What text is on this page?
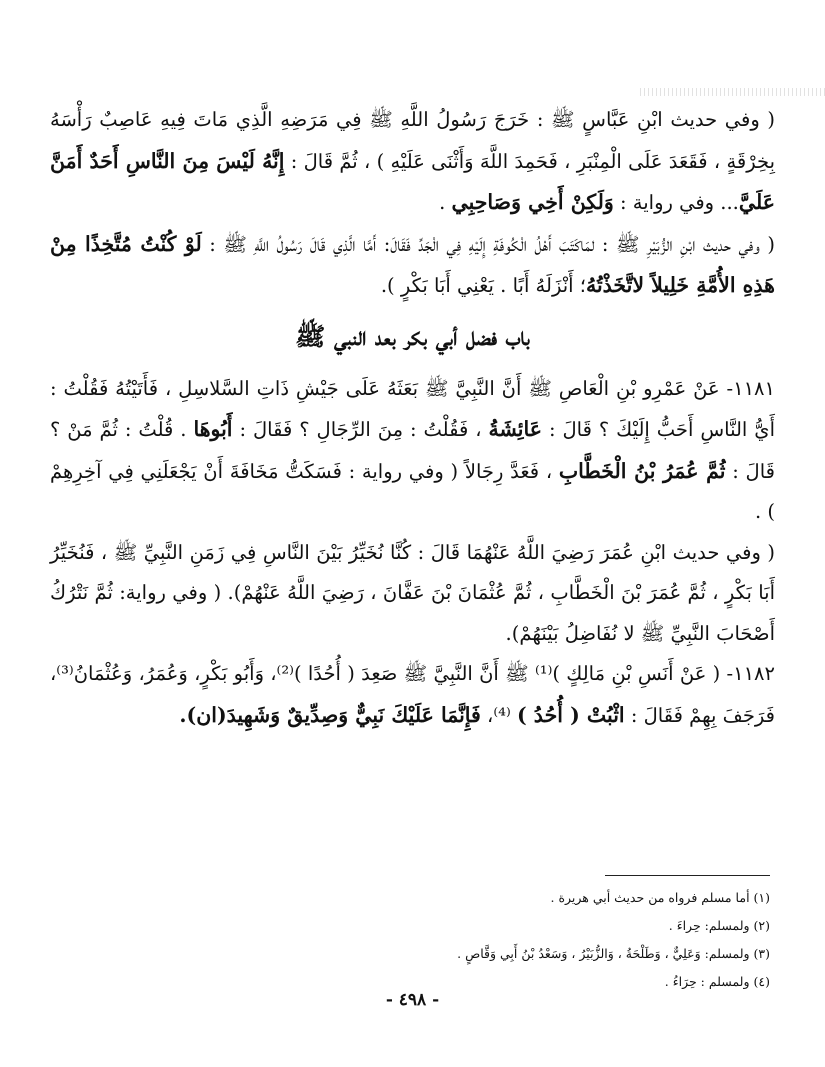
( وفي حديث ابْنِ عَبَّاسٍ ﷺ : خَرَجَ رَسُولُ اللَّهِ ﷺ فِي مَرَضِهِ الَّذِي مَاتَ فِيهِ عَاصِبٌ رَأْسَهُ بِخِرْقَةٍ ، فَقَعَدَ عَلَى الْمِنْبَرِ ، فَحَمِدَ اللَّهَ وَأَثْنَى عَلَيْهِ ) ، ثُمَّ قَالَ : إِنَّهُ لَيْسَ مِنَ النَّاسِ أَحَدٌ أَمَنَّ عَلَيَّ... وفي رواية : وَلَكِنْ أَخِي وَصَاحِبِي .

( وفي حديث ابْنِ الزُّبَيْرِ ﷺ : لمَاكَتَبَ أَهْلُ الْكُوفَةِ إِلَيْهِ فِي الْجَدِّ فَقَالَ: أَمَّا الَّذِي قَالَ رَسُولُ اللَّهِ ﷺ : لَوْ كُنْتُ مُتَّخِذًا مِنْ هَذِهِ الأُمَّةِ خَلِيلاً لاتَّخَذْتُهُ؛ أَنْزَلَهُ أَبًا . يَعْنِي أَبَا بَكْرٍ ).

باب فضل أبي بكر بعد النبي ﷺ

١١٨١- عَنْ عَمْرِو بْنِ الْعَاصِ ﷺ أَنَّ النَّبِيَّ ﷺ بَعَثَهُ عَلَى جَيْشِ ذَاتِ السَّلاسِلِ ، فَأَتَيْتُهُ فَقُلْتُ : أَيُّ النَّاسِ أَحَبُّ إِلَيْكَ ؟ قَالَ : عَائِشَةُ ، فَقُلْتُ : مِنَ الرِّجَالِ ؟ فَقَالَ : أَبُوهَا . قُلْتُ : ثُمَّ مَنْ ؟ قَالَ : ثُمَّ عُمَرُ بْنُ الْخَطَّابِ ، فَعَدَّ رِجَالاً ( وفي رواية : فَسَكَتُّ مَخَافَةَ أَنْ يَجْعَلَنِي فِي آخِرِهِمْ ) .

( وفي حديث ابْنِ عُمَرَ رَضِيَ اللَّهُ عَنْهُمَا قَالَ : كُنَّا نُخَيِّرُ بَيْنَ النَّاسِ فِي زَمَنِ النَّبِيِّ ﷺ ، فَنُخَيِّرُ أَبَا بَكْرٍ ، ثُمَّ عُمَرَ بْنَ الْخَطَّابِ ، ثُمَّ عُثْمَانَ بْنَ عَفَّانَ ، رَضِيَ اللَّهُ عَنْهُمْ). ( وفي رواية: ثُمَّ نَتْرُكُ أَصْحَابَ النَّبِيِّ ﷺ لا نُفَاضِلُ بَيْنَهُمْ).

١١٨٢- ( عَنْ أَنَسِ بْنِ مَالِكٍ )⁽¹⁾ ﷺ أَنَّ النَّبِيَّ ﷺ صَعِدَ ( أُحُدًا )⁽²⁾، وَأَبُو بَكْرٍ، وَعُمَرُ، وَعُثْمَانُ⁽³⁾، فَرَجَفَ بِهِمْ فَقَالَ : اثْبُتْ ( أُحُدُ ) ⁽⁴⁾، فَإِنَّمَا عَلَيْكَ نَبِيٌّ وَصِدِّيقٌ وَشَهِيدَ(ان).

(١) أما مسلم فرواه من حديث أبي هريرة .

(٢) ولمسلم: حِراءَ .

(٣) ولمسلم: وَعَلِيٌّ ، وَطَلْحَةُ ، وَالزُّبَيْرُ ، وَسَعْدُ بْنُ أَبِي وَقَّاصٍ .

(٤) ولمسلم : حِرَاءُ .

- ٤٩٨ -
